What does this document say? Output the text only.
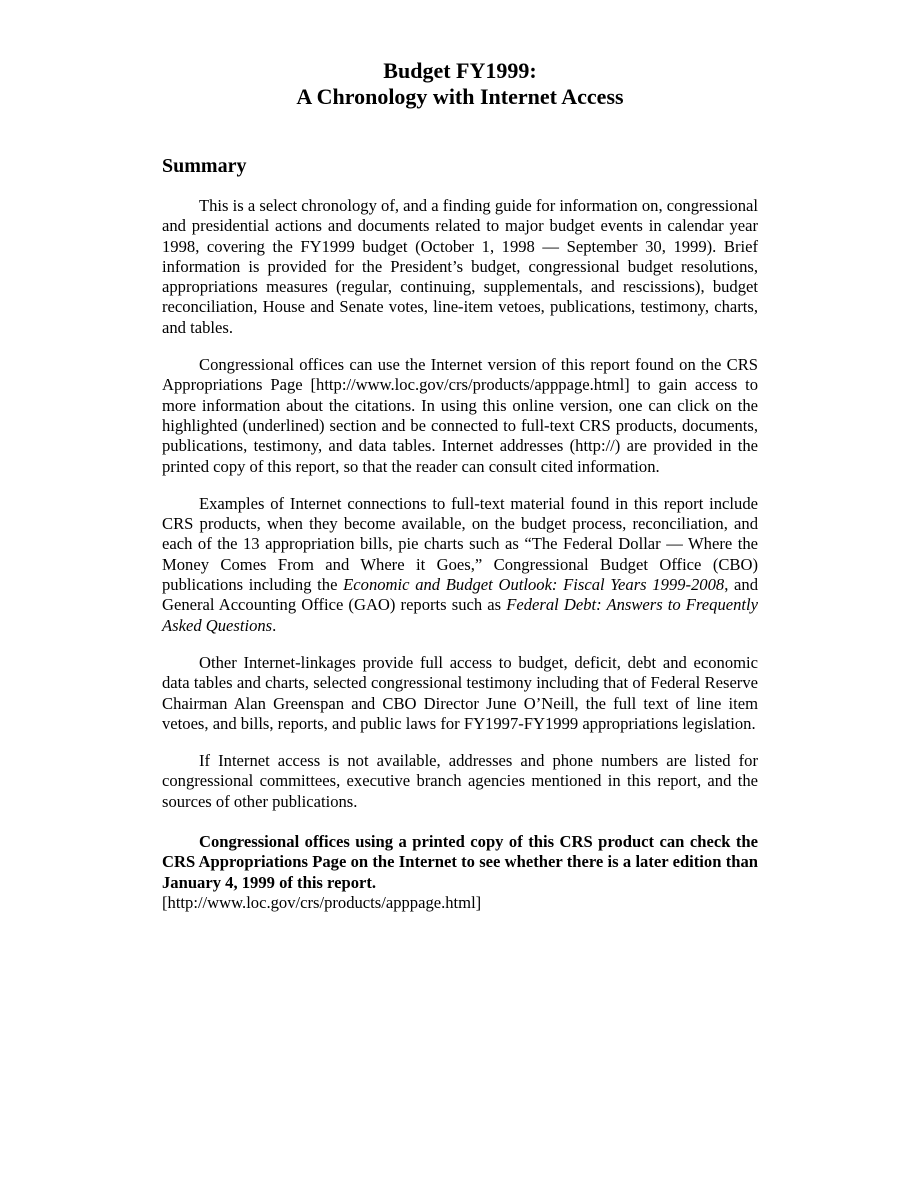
Budget FY1999:
A Chronology with Internet Access
Summary

This is a select chronology of, and a finding guide for information on, congressional and presidential actions and documents related to major budget events in calendar year 1998, covering the FY1999 budget (October 1, 1998 — September 30, 1999). Brief information is provided for the President’s budget, congressional budget resolutions, appropriations measures (regular, continuing, supplementals, and rescissions), budget reconciliation, House and Senate votes, line-item vetoes, publications, testimony, charts, and tables.

Congressional offices can use the Internet version of this report found on the CRS Appropriations Page [http://www.loc.gov/crs/products/apppage.html] to gain access to more information about the citations. In using this online version, one can click on the highlighted (underlined) section and be connected to full-text CRS products, documents, publications, testimony, and data tables. Internet addresses (http://) are provided in the printed copy of this report, so that the reader can consult cited information.

Examples of Internet connections to full-text material found in this report include CRS products, when they become available, on the budget process, reconciliation, and each of the 13 appropriation bills, pie charts such as “The Federal Dollar — Where the Money Comes From and Where it Goes,” Congressional Budget Office (CBO) publications including the Economic and Budget Outlook: Fiscal Years 1999-2008, and General Accounting Office (GAO) reports such as Federal Debt: Answers to Frequently Asked Questions.

Other Internet-linkages provide full access to budget, deficit, debt and economic data tables and charts, selected congressional testimony including that of Federal Reserve Chairman Alan Greenspan and CBO Director June O’Neill, the full text of line item vetoes, and bills, reports, and public laws for FY1997-FY1999 appropriations legislation.

If Internet access is not available, addresses and phone numbers are listed for congressional committees, executive branch agencies mentioned in this report, and the sources of other publications.

Congressional offices using a printed copy of this CRS product can check the CRS Appropriations Page on the Internet to see whether there is a later edition than January 4, 1999 of this report.

[http://www.loc.gov/crs/products/apppage.html]
